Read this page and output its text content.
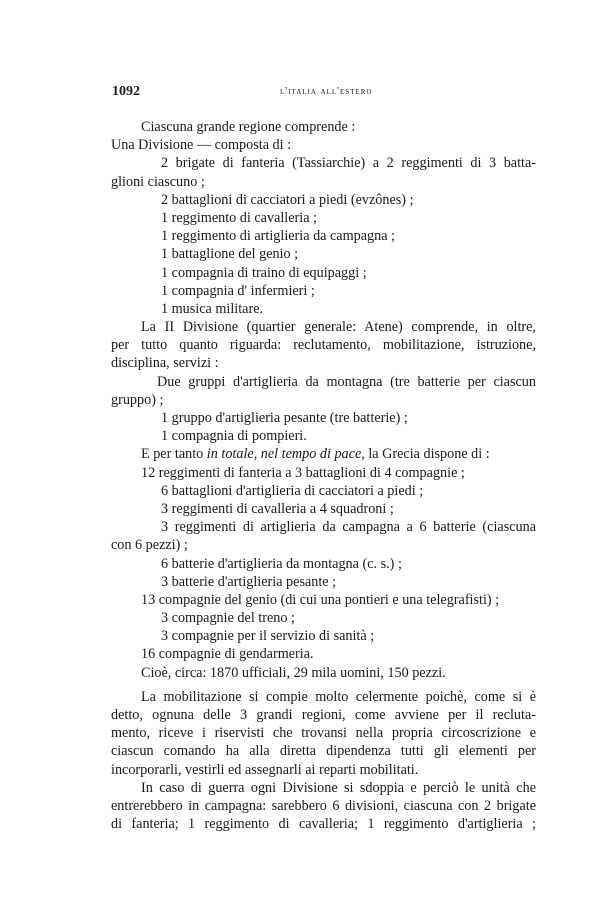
1092	l'italia all'estero
Ciascuna grande regione comprende :
Una Divisione — composta di :
2 brigate di fanteria (Tassiarchie) a 2 reggimenti di 3 batta-
glioni ciascuno ;
2 battaglioni di cacciatori a piedi (evzônes) ;
1 reggimento di cavalleria ;
1 reggimento di artiglieria da campagna ;
1 battaglione del genio ;
1 compagnia di traino di equipaggi ;
1 compagnia d' infermieri ;
1 musica militare.
La II Divisione (quartier generale: Atene) comprende, in oltre,
per tutto quanto riguarda: reclutamento, mobilitazione, istruzione,
disciplina, servizi :
Due gruppi d'artiglieria da montagna (tre batterie per ciascun
gruppo) ;
1 gruppo d'artiglieria pesante (tre batterie) ;
1 compagnia di pompieri.
E per tanto in totale, nel tempo di pace, la Grecia dispone di :
12 reggimenti di fanteria a 3 battaglioni di 4 compagnie ;
6 battaglioni d'artiglieria di cacciatori a piedi ;
3 reggimenti di cavalleria a 4 squadroni ;
3 reggimenti di artiglieria da campagna a 6 batterie (ciascuna
con 6 pezzi) ;
6 batterie d'artiglieria da montagna (c. s.) ;
3 batterie d'artiglieria pesante ;
13 compagnie del genio (di cui una pontieri e una telegrafisti) ;
3 compagnie del treno ;
3 compagnie per il servizio di sanità ;
16 compagnie di gendarmeria.
Cioè, circa: 1870 ufficiali, 29 mila uomini, 150 pezzi.
La mobilitazione si compie molto celermente poichè, come si è
detto, ognuna delle 3 grandi regioni, come avviene per il recluta-
mento, riceve i riservisti che trovansi nella propria circoscrizione e
ciascun comando ha alla diretta dipendenza tutti gli elementi per
incorporarli, vestirli ed assegnarli ai reparti mobilitati.
In caso di guerra ogni Divisione si sdoppia e perciò le unità che
entrerebbero in campagna: sarebbero 6 divisioni, ciascuna con 2 brigate
di fanteria; 1 reggimento di cavalleria; 1 reggimento d'artiglieria ;
